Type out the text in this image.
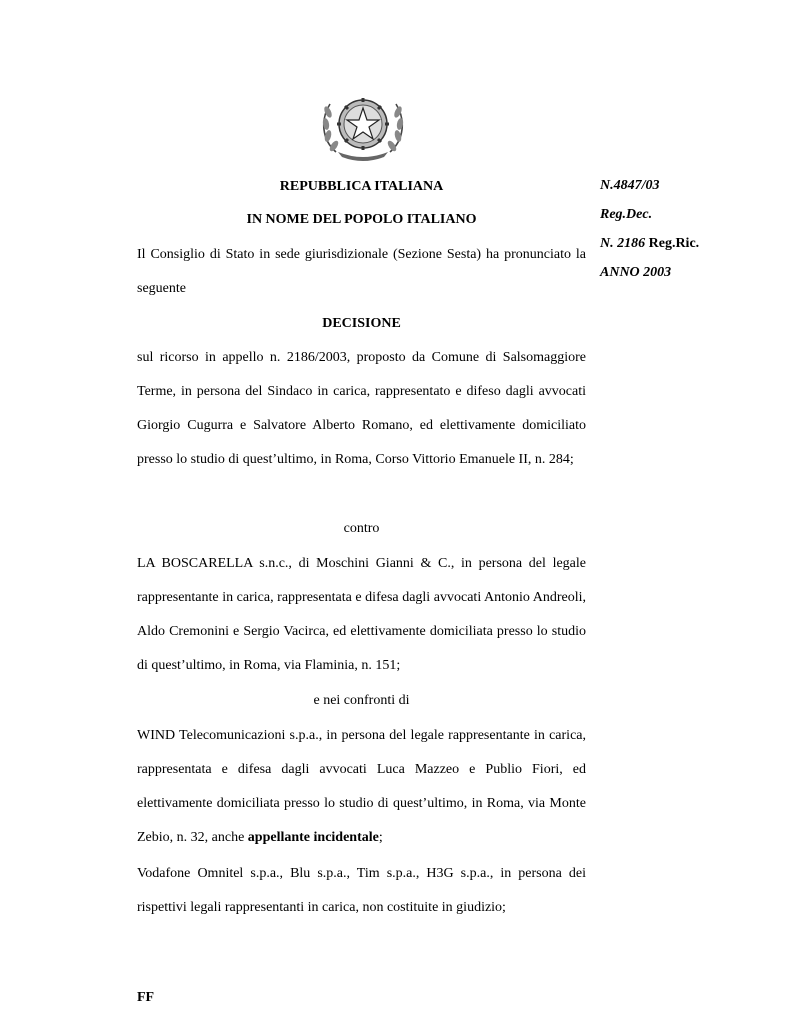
N.4847/03
Reg.Dec.
N. 2186 Reg.Ric.
ANNO 2003
REPUBBLICA ITALIANA
IN NOME DEL POPOLO ITALIANO
Il Consiglio di Stato in sede giurisdizionale (Sezione Sesta) ha pronunciato la seguente
DECISIONE
sul ricorso in appello n. 2186/2003, proposto da Comune di Salsomaggiore Terme, in persona del Sindaco in carica, rappresentato e difeso dagli avvocati Giorgio Cugurra e Salvatore Alberto Romano, ed elettivamente domiciliato presso lo studio di quest’ultimo, in Roma, Corso Vittorio Emanuele II, n. 284;
contro
LA BOSCARELLA s.n.c., di Moschini Gianni & C., in persona del legale rappresentante in carica, rappresentata e difesa dagli avvocati Antonio Andreoli, Aldo Cremonini e Sergio Vacirca, ed elettivamente domiciliata presso lo studio di quest’ultimo, in Roma, via Flaminia, n. 151;
e nei confronti di
WIND Telecomunicazioni s.p.a., in persona del legale rappresentante in carica, rappresentata e difesa dagli avvocati Luca Mazzeo e Publio Fiori, ed elettivamente domiciliata presso lo studio di quest’ultimo, in Roma, via Monte Zebio, n. 32, anche appellante incidentale;
Vodafone Omnitel s.p.a., Blu s.p.a., Tim s.p.a., H3G s.p.a., in persona dei rispettivi legali rappresentanti in carica, non costituite in giudizio;
FF
